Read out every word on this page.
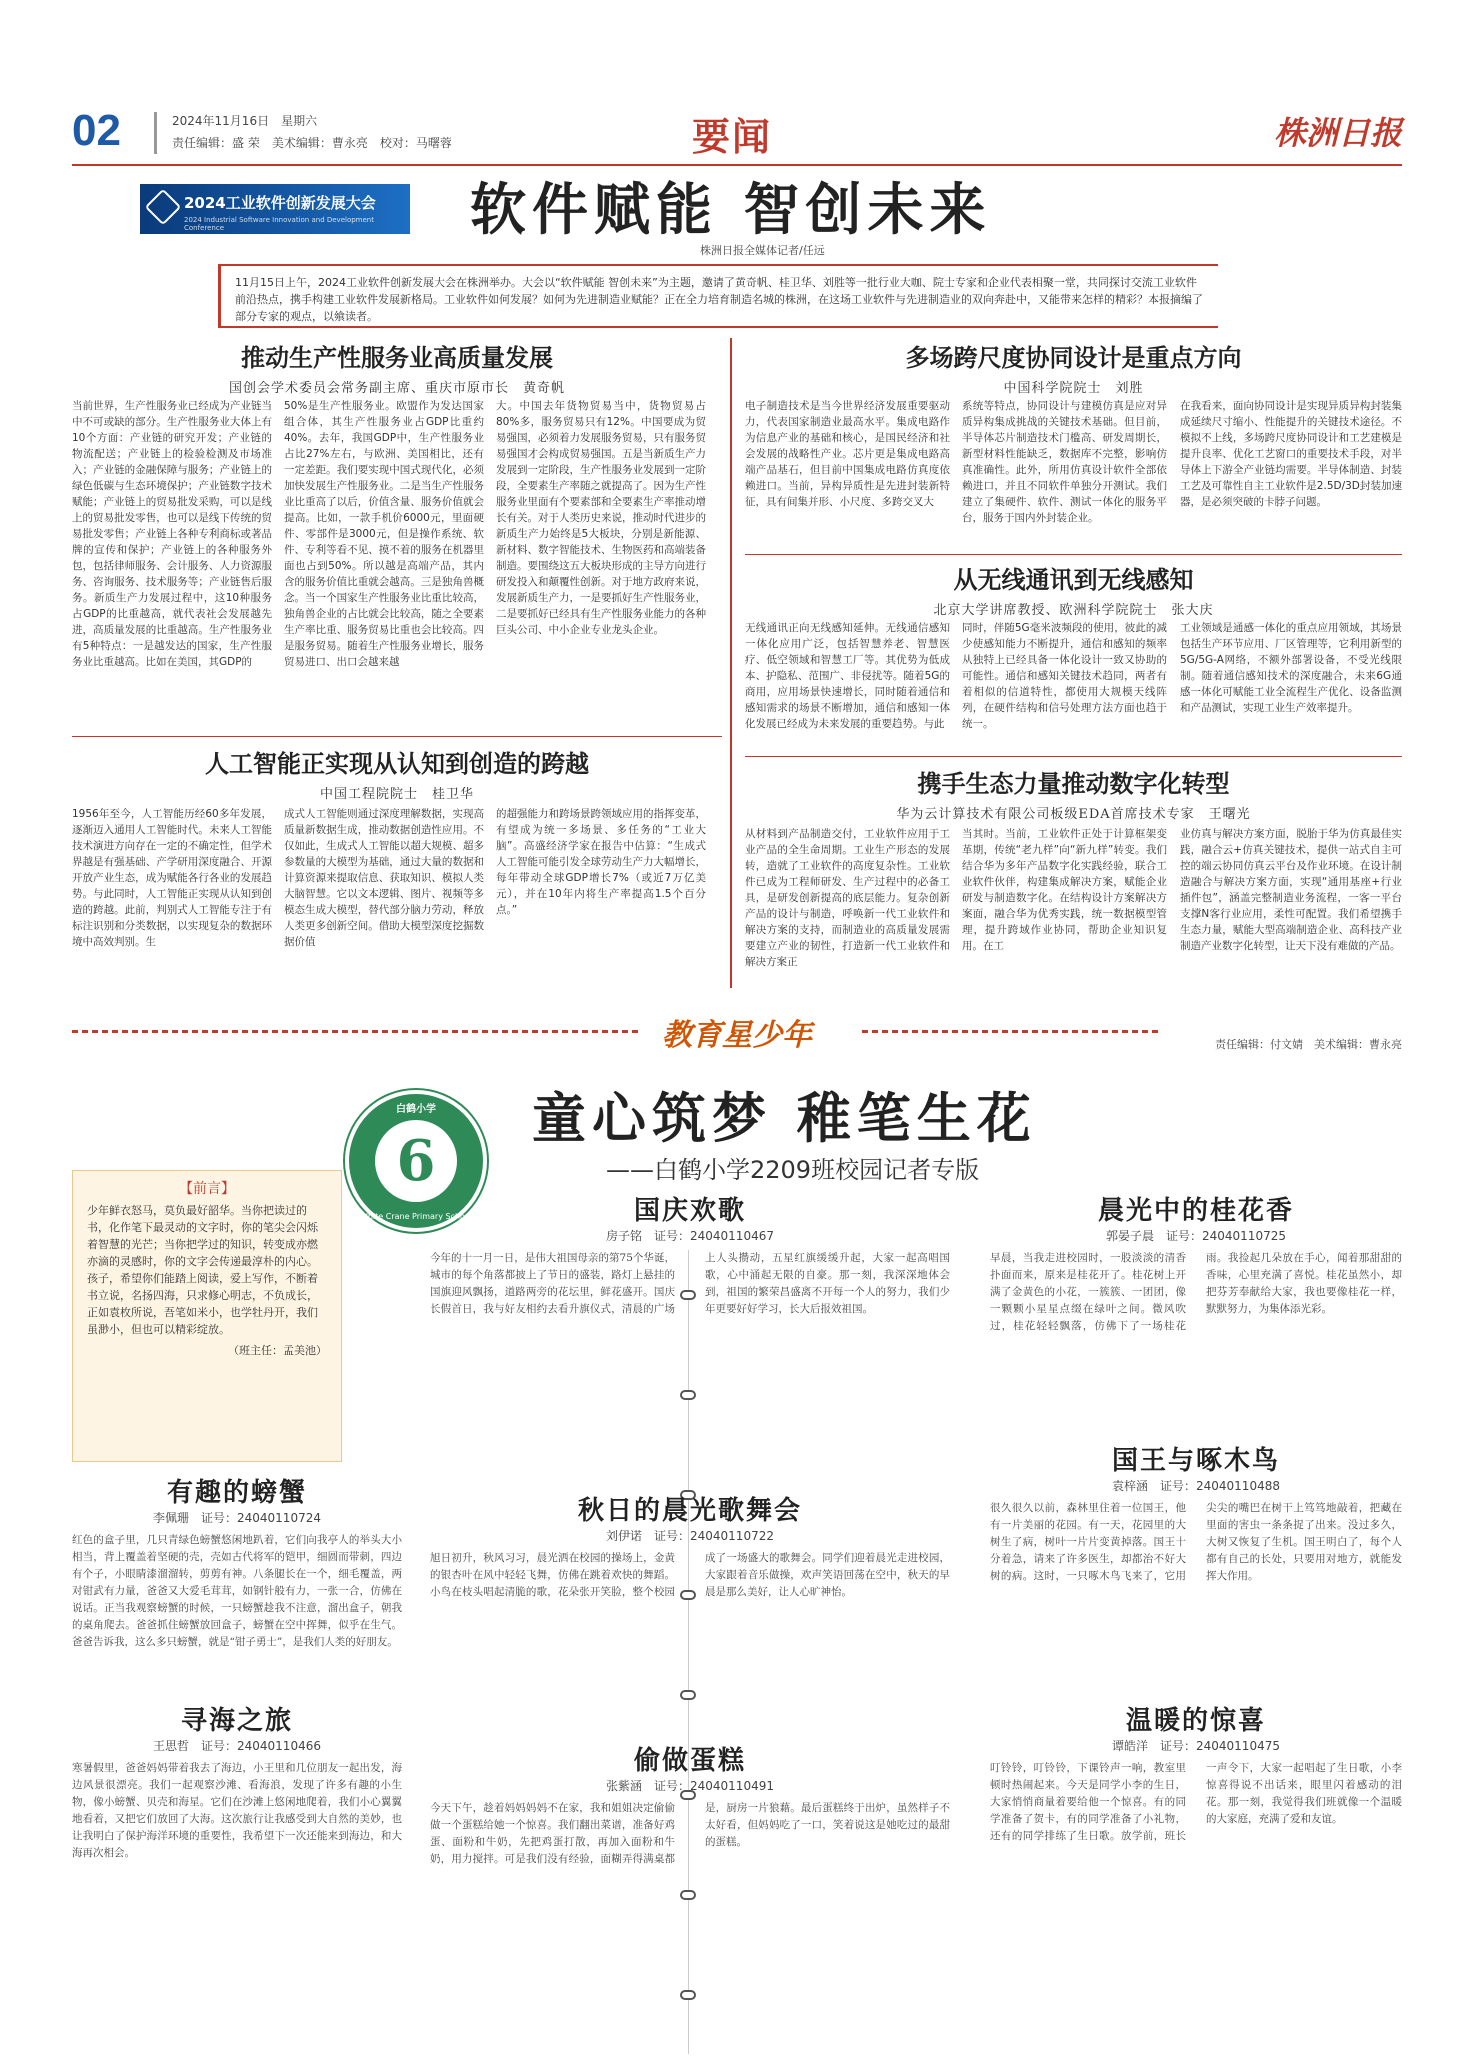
02	2024年11月16日　星期六
责任编辑：盛 荣　美术编辑：曹永亮　校对：马曙蓉	要闻	株洲日报
2024工业软件创新发展大会
2024 Industrial Software Innovation and Development Conference	软件赋能 智创未来
株洲日报全媒体记者/任远
11月15日上午，2024工业软件创新发展大会在株洲举办。大会以“软件赋能 智创未来”为主题，邀请了黄奇帆、桂卫华、刘胜等一批行业大咖、院士专家和企业代表相聚一堂，共同探讨交流工业软件前沿热点，携手构建工业软件发展新格局。工业软件如何发展？如何为先进制造业赋能？正在全力培育制造名城的株洲，在这场工业软件与先进制造业的双向奔赴中，又能带来怎样的精彩？本报摘编了部分专家的观点，以飨读者。
推动生产性服务业高质量发展
国创会学术委员会常务副主席、重庆市原市长　黄奇帆
当前世界，生产性服务业已经成为产业链当中不可或缺的部分。生产性服务业大体上有10个方面：产业链的研究开发；产业链的物流配送；产业链上的检验检测及市场准入；产业链的金融保障与服务；产业链上的绿色低碳与生态环境保护；产业链数字技术赋能；产业链上的贸易批发采购，可以是线上的贸易批发零售，也可以是线下传统的贸易批发零售；产业链上各种专利商标或著品牌的宣传和保护；产业链上的各种服务外包，包括律师服务、会计服务、人力资源服务、咨询服务、技术服务等；产业链售后服务。新质生产力发展过程中，这10种服务占GDP的比重越高，就代表社会发展越先进，高质量发展的比重越高。生产性服务业有5种特点：一是越发达的国家，生产性服务业比重越高。比如在美国，其GDP的
50%是生产性服务业。欧盟作为发达国家组合体，其生产性服务业占GDP比重约40%。去年，我国GDP中，生产性服务业占比27%左右，与欧洲、美国相比，还有一定差距。我们要实现中国式现代化，必须加快发展生产性服务业。二是当生产性服务业比重高了以后，价值含量、服务价值就会提高。比如，一款手机价6000元，里面硬件、零部件是3000元，但是操作系统、软件、专利等看不见、摸不着的服务在机器里面也占到50%。所以越是高端产品，其内含的服务价值比重就会越高。三是独角兽概念。当一个国家生产性服务业比重比较高，独角兽企业的占比就会比较高，随之全要素生产率比重、服务贸易比重也会比较高。四是服务贸易。随着生产性服务业增长，服务贸易进口、出口会越来越
大。中国去年货物贸易当中，货物贸易占80%多，服务贸易只有12%。中国要成为贸易强国，必须着力发展服务贸易，只有服务贸易强国才会构成贸易强国。五是当新质生产力发展到一定阶段，生产性服务业发展到一定阶段，全要素生产率随之就提高了。因为生产性服务业里面有个要素部和全要素生产率推动增长有关。对于人类历史来说，推动时代进步的新质生产力始终是5大板块，分别是新能源、新材料、数字智能技术、生物医药和高端装备制造。要围绕这五大板块形成的主导方向进行研发投入和颠覆性创新。对于地方政府来说，发展新质生产力，一是要抓好生产性服务业，二是要抓好已经具有生产性服务业能力的各种巨头公司、中小企业专业龙头企业。
多场跨尺度协同设计是重点方向
中国科学院院士　刘胜
电子制造技术是当今世界经济发展重要驱动力，代表国家制造业最高水平。集成电路作为信息产业的基础和核心，是国民经济和社会发展的战略性产业。芯片更是集成电路高端产品基石，但目前中国集成电路仿真度依赖进口。当前，异构异质性是先进封装新特征，具有间集并形、小尺度、多跨交叉大
系统等特点，协同设计与建模仿真是应对异质异构集成挑战的关键技术基础。但目前，半导体芯片制造技术门槛高、研发周期长，新型材料性能缺乏，数据库不完整，影响仿真准确性。此外，所用仿真设计软件全部依赖进口，并且不同软件单独分开测试。我们建立了集硬件、软件、测试一体化的服务平台，服务于国内外封装企业。
在我看来，面向协同设计是实现异质异构封装集成延续尺寸缩小、性能提升的关键技术途径。不模拟不上线，多场跨尺度协同设计和工艺建模是提升良率、优化工艺窗口的重要技术手段，对半导体上下游全产业链均需要。半导体制造、封装工艺及可靠性自主工业软件是2.5D/3D封装加速器，是必须突破的卡脖子问题。
从无线通讯到无线感知
北京大学讲席教授、欧洲科学院院士　张大庆
无线通讯正向无线感知延伸。无线通信感知一体化应用广泛，包括智慧养老、智慧医疗、低空领域和智慧工厂等。其优势为低成本、护隐私、范围广、非侵扰等。随着5G的商用，应用场景快速增长，同时随着通信和感知需求的场景不断增加，通信和感知一体化发展已经成为未来发展的重要趋势。与此
同时，伴随5G毫米波频段的使用，彼此的减少使感知能力不断提升，通信和感知的频率从独特上已经具备一体化设计一致又协助的可能性。通信和感知关键技术趋同，两者有着相似的信道特性，都使用大规模天线阵列，在硬件结构和信号处理方法方面也趋于统一。
工业领域是通感一体化的重点应用领域，其场景包括生产环节应用、厂区管理等，它利用新型的5G/5G-A网络，不额外部署设备，不受光线限制。随着通信感知技术的深度融合，未来6G通感一体化可赋能工业全流程生产优化、设备监测和产品测试，实现工业生产效率提升。
人工智能正实现从认知到创造的跨越
中国工程院院士　桂卫华
1956年至今，人工智能历经60多年发展，逐渐迈入通用人工智能时代。未来人工智能技术演进方向存在一定的不确定性，但学术界越是有强基础、产学研用深度融合、开源开放产业生态，成为赋能各行各业的发展趋势。与此同时，人工智能正实现从认知到创造的跨越。此前，判别式人工智能专注于有标注识别和分类数据，以实现复杂的数据环境中高效判别。生
成式人工智能则通过深度理解数据，实现高质量新数据生成，推动数据创造性应用。不仅如此，生成式人工智能以超大规模、超多参数量的大模型为基础，通过大量的数据和计算资源来提取信息、获取知识、模拟人类大脑智慧。它以文本逻辑、图片、视频等多模态生成大模型，替代部分脑力劳动，释放人类更多创新空间。借助大模型深度挖掘数据价值
的超强能力和跨场景跨领域应用的指挥变革，有望成为统一多场景、多任务的“工业大脑”。高盛经济学家在报告中估算：“生成式人工智能可能引发全球劳动生产力大幅增长，每年带动全球GDP增长7%（或近7万亿美元），并在10年内将生产率提高1.5个百分点。”
携手生态力量推动数字化转型
华为云计算技术有限公司板级EDA首席技术专家　王曙光
从材料到产品制造交付，工业软件应用于工业产品的全生命周期。工业生产形态的发展转，造就了工业软件的高度复杂性。工业软件已成为工程师研发、生产过程中的必备工具，是研发创新提高的底层能力。复杂创新产品的设计与制造，呼唤新一代工业软件和解决方案的支持，而制造业的高质量发展需要建立产业的韧性，打造新一代工业软件和解决方案正
当其时。当前，工业软件正处于计算框架变革期，传统“老九样”向“新九样”转变。我们结合华为多年产品数字化实践经验，联合工业软件伙伴，构建集成解决方案，赋能企业研发与制造数字化。在结构设计方案解决方案面，融合华为优秀实践，统一数据模型管理，提升跨域作业协同，帮助企业知识复用。在工
业仿真与解决方案方面，脱胎于华为仿真最佳实践，融合云+仿真关键技术，提供一站式自主可控的端云协同仿真云平台及作业环境。在设计制造融合与解决方案方面，实现“通用基座+行业插件包”，涵盖完整制造业务流程，一客一平台支撑N客行业应用，柔性可配置。我们希望携手生态力量，赋能大型高端制造企业、高科技产业制造产业数字化转型，让天下没有难做的产品。
教育星少年	责任编辑：付文婧　美术编辑：曹永亮
白鹤小学
6
White Crane Primary School
童心筑梦 稚笔生花
——白鹤小学2209班校园记者专版
【前言】
少年鲜衣怒马，莫负最好韶华。当你把读过的书，化作笔下最灵动的文字时，你的笔尖会闪烁着智慧的光芒；当你把学过的知识，转变成亦燃亦滴的灵感时，你的文字会传递最淳朴的内心。孩子，希望你们能踏上阅读，爱上写作，不断着书立说，名扬四海，只求修心明志，不负成长，正如袁枚所说，吾笔如米小，也学牡丹开，我们虽渺小，但也可以精彩绽放。
（班主任：孟美池）
有趣的螃蟹
李佩珊　证号：24040110724
红色的盒子里，几只青绿色螃蟹悠闲地趴着，它们向我亭人的举头大小相当，背上覆盖着坚硬的壳，壳如古代将军的铠甲，细圆而带刺，四边有个子，小眼睛漆溜溜转，剪剪有神。八条腿长在一个，细毛覆盖，两对钳武有力量，爸爸又大爱毛茸茸，如钢针般有力，一张一合，仿佛在说话。正当我观察螃蟹的时候，一只螃蟹趁我不注意，溜出盒子，朝我的桌角爬去。爸爸抓住螃蟹放回盒子，螃蟹在空中挥舞，似乎在生气。爸爸告诉我，这么多只螃蟹，就是“钳子勇士”，是我们人类的好朋友。
寻海之旅
王思哲　证号：24040110466
寒暑假里，爸爸妈妈带着我去了海边，小王里和几位朋友一起出发，海边风景很漂亮。我们一起观察沙滩、看海浪，发现了许多有趣的小生物，像小螃蟹、贝壳和海星。它们在沙滩上悠闲地爬着，我们小心翼翼地看着，又把它们放回了大海。这次旅行让我感受到大自然的美妙，也让我明白了保护海洋环境的重要性，我希望下一次还能来到海边，和大海再次相会。
国庆欢歌
房子铭　证号：24040110467
今年的十一月一日，是伟大祖国母亲的第75个华诞，城市的每个角落都披上了节日的盛装，路灯上悬挂的国旗迎风飘扬，道路两旁的花坛里，鲜花盛开。国庆长假首日，我与好友相约去看升旗仪式，清晨的广场上人头攒动，五星红旗缓缓升起，大家一起高唱国歌，心中涌起无限的自豪。那一刻，我深深地体会到，祖国的繁荣昌盛离不开每一个人的努力，我们少年更要好好学习，长大后报效祖国。
秋日的晨光歌舞会
刘伊诺　证号：24040110722
旭日初升，秋风习习，晨光洒在校园的操场上，金黄的银杏叶在风中轻轻飞舞，仿佛在跳着欢快的舞蹈。小鸟在枝头唱起清脆的歌，花朵张开笑脸，整个校园成了一场盛大的歌舞会。同学们迎着晨光走进校园，大家跟着音乐做操，欢声笑语回荡在空中，秋天的早晨是那么美好，让人心旷神怡。
偷做蛋糕
张紫涵　证号：24040110491
今天下午，趁着妈妈妈妈不在家，我和姐姐决定偷偷做一个蛋糕给她一个惊喜。我们翻出菜谱，准备好鸡蛋、面粉和牛奶，先把鸡蛋打散，再加入面粉和牛奶，用力搅拌。可是我们没有经验，面糊弄得满桌都是，厨房一片狼藉。最后蛋糕终于出炉，虽然样子不太好看，但妈妈吃了一口，笑着说这是她吃过的最甜的蛋糕。
晨光中的桂花香
郭晏子晨　证号：24040110725
早晨，当我走进校园时，一股淡淡的清香扑面而来，原来是桂花开了。桂花树上开满了金黄色的小花，一簇簇、一团团，像一颗颗小星星点缀在绿叶之间。微风吹过，桂花轻轻飘落，仿佛下了一场桂花雨。我捡起几朵放在手心，闻着那甜甜的香味，心里充满了喜悦。桂花虽然小，却把芬芳奉献给大家，我也要像桂花一样，默默努力，为集体添光彩。
国王与啄木鸟
袁梓涵　证号：24040110488
很久很久以前，森林里住着一位国王，他有一片美丽的花园。有一天，花园里的大树生了病，树叶一片片变黄掉落。国王十分着急，请来了许多医生，却都治不好大树的病。这时，一只啄木鸟飞来了，它用尖尖的嘴巴在树干上笃笃地敲着，把藏在里面的害虫一条条捉了出来。没过多久，大树又恢复了生机。国王明白了，每个人都有自己的长处，只要用对地方，就能发挥大作用。
温暖的惊喜
谭皓洋　证号：24040110475
叮铃铃，叮铃铃，下课铃声一响，教室里顿时热闹起来。今天是同学小李的生日，大家悄悄商量着要给他一个惊喜。有的同学准备了贺卡，有的同学准备了小礼物，还有的同学排练了生日歌。放学前，班长一声令下，大家一起唱起了生日歌，小李惊喜得说不出话来，眼里闪着感动的泪花。那一刻，我觉得我们班就像一个温暖的大家庭，充满了爱和友谊。
